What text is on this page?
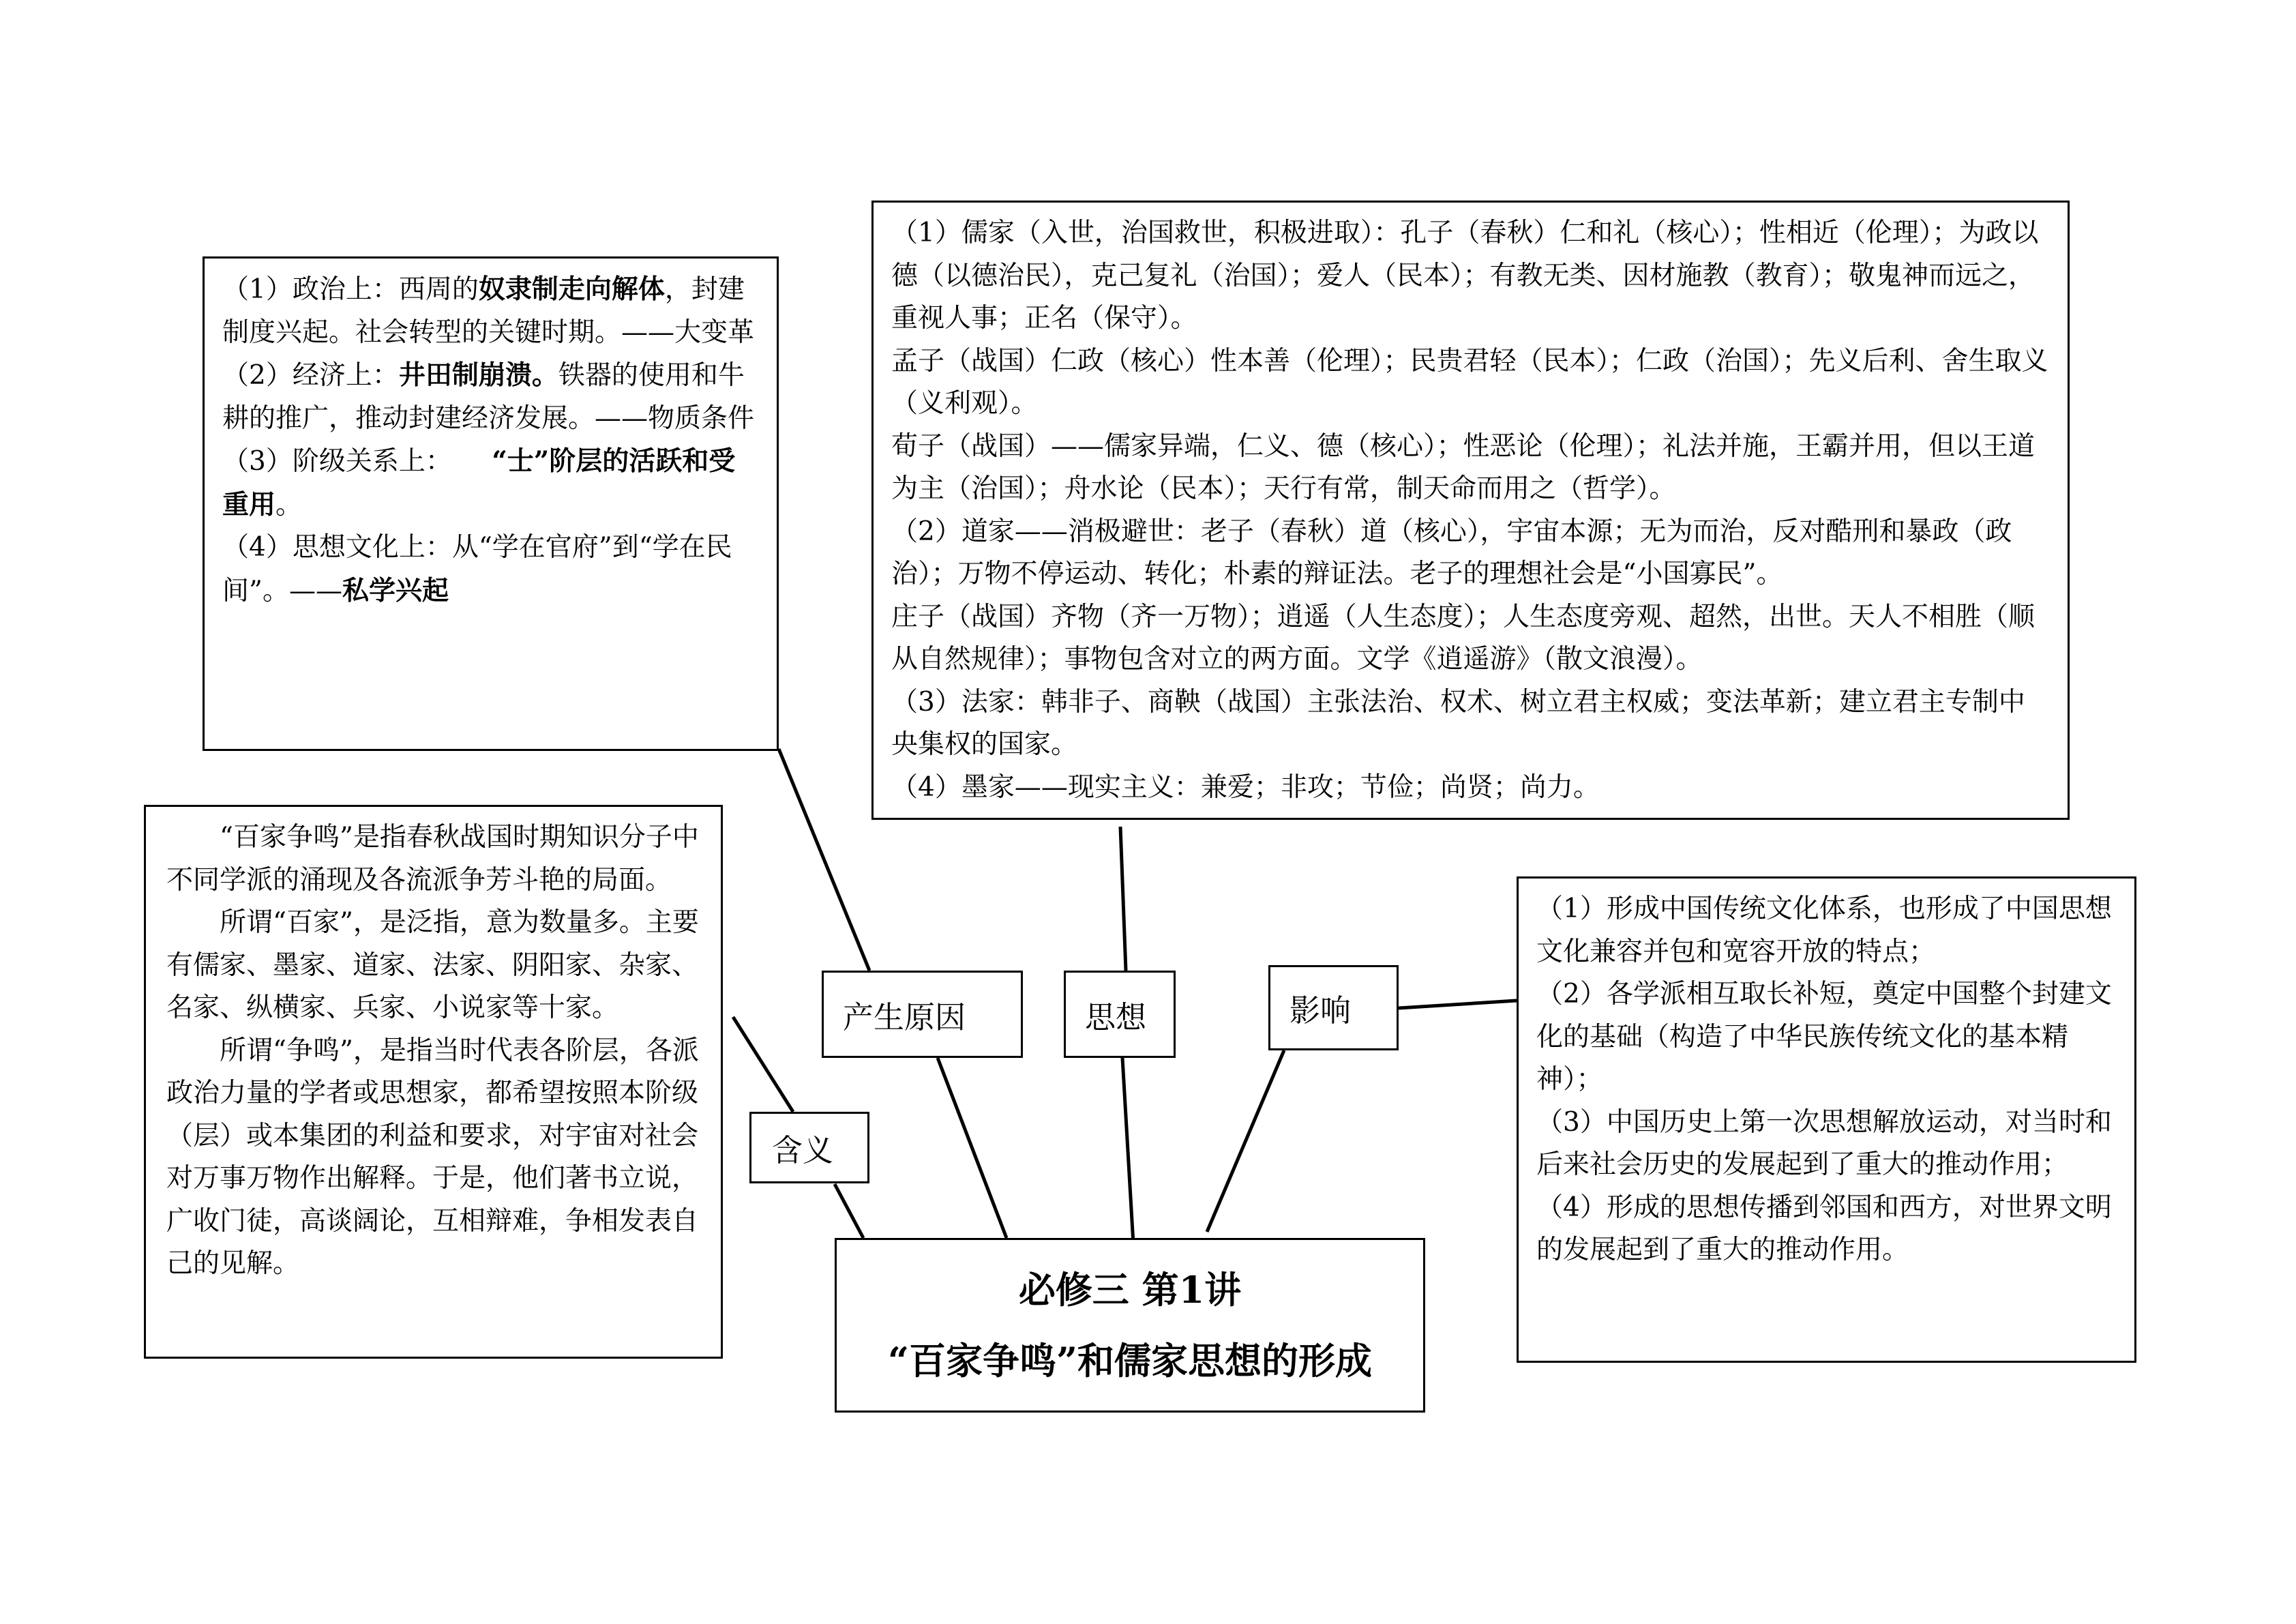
（1）政治上：西周的奴隶制走向解体，封建制度兴起。社会转型的关键时期。——大变革

（2）经济上：井田制崩溃。铁器的使用和牛耕的推广，推动封建经济发展。——物质条件

（3）阶级关系上：　　“士”阶层的活跃和受重用。

（4）思想文化上：从“学在官府”到“学在民间”。——私学兴起

（1）儒家（入世，治国救世，积极进取）：孔子（春秋）仁和礼（核心）；性相近（伦理）；为政以德（以德治民），克己复礼（治国）；爱人（民本）；有教无类、因材施教（教育）；敬鬼神而远之，重视人事；正名（保守）。

孟子（战国）仁政（核心）性本善（伦理）；民贵君轻（民本）；仁政（治国）；先义后利、舍生取义（义利观）。

荀子（战国）——儒家异端，仁义、德（核心）；性恶论（伦理）；礼法并施，王霸并用，但以王道为主（治国）；舟水论（民本）；天行有常，制天命而用之（哲学）。

（2）道家——消极避世：老子（春秋）道（核心），宇宙本源；无为而治，反对酷刑和暴政（政治）；万物不停运动、转化；朴素的辩证法。老子的理想社会是“小国寡民”。

庄子（战国）齐物（齐一万物）；逍遥（人生态度）；人生态度旁观、超然，出世。天人不相胜（顺从自然规律）；事物包含对立的两方面。文学《逍遥游》（散文浪漫）。

（3）法家：韩非子、商鞅（战国）主张法治、权术、树立君主权威；变法革新；建立君主专制中央集权的国家。

（4）墨家——现实主义：兼爱；非攻；节俭；尚贤；尚力。

“百家争鸣”是指春秋战国时期知识分子中不同学派的涌现及各流派争芳斗艳的局面。

所谓“百家”，是泛指，意为数量多。主要有儒家、墨家、道家、法家、阴阳家、杂家、名家、纵横家、兵家、小说家等十家。

所谓“争鸣”，是指当时代表各阶层，各派政治力量的学者或思想家，都希望按照本阶级（层）或本集团的利益和要求，对宇宙对社会对万事万物作出解释。于是，他们著书立说，广收门徒，高谈阔论，互相辩难，争相发表自己的见解。

（1）形成中国传统文化体系，也形成了中国思想文化兼容并包和宽容开放的特点；

（2）各学派相互取长补短，奠定中国整个封建文化的基础（构造了中华民族传统文化的基本精神）；

（3）中国历史上第一次思想解放运动，对当时和后来社会历史的发展起到了重大的推动作用；

（4）形成的思想传播到邻国和西方，对世界文明的发展起到了重大的推动作用。

产生原因	思想	影响
含义
必修三 第1讲
“百家争鸣”和儒家思想的形成
